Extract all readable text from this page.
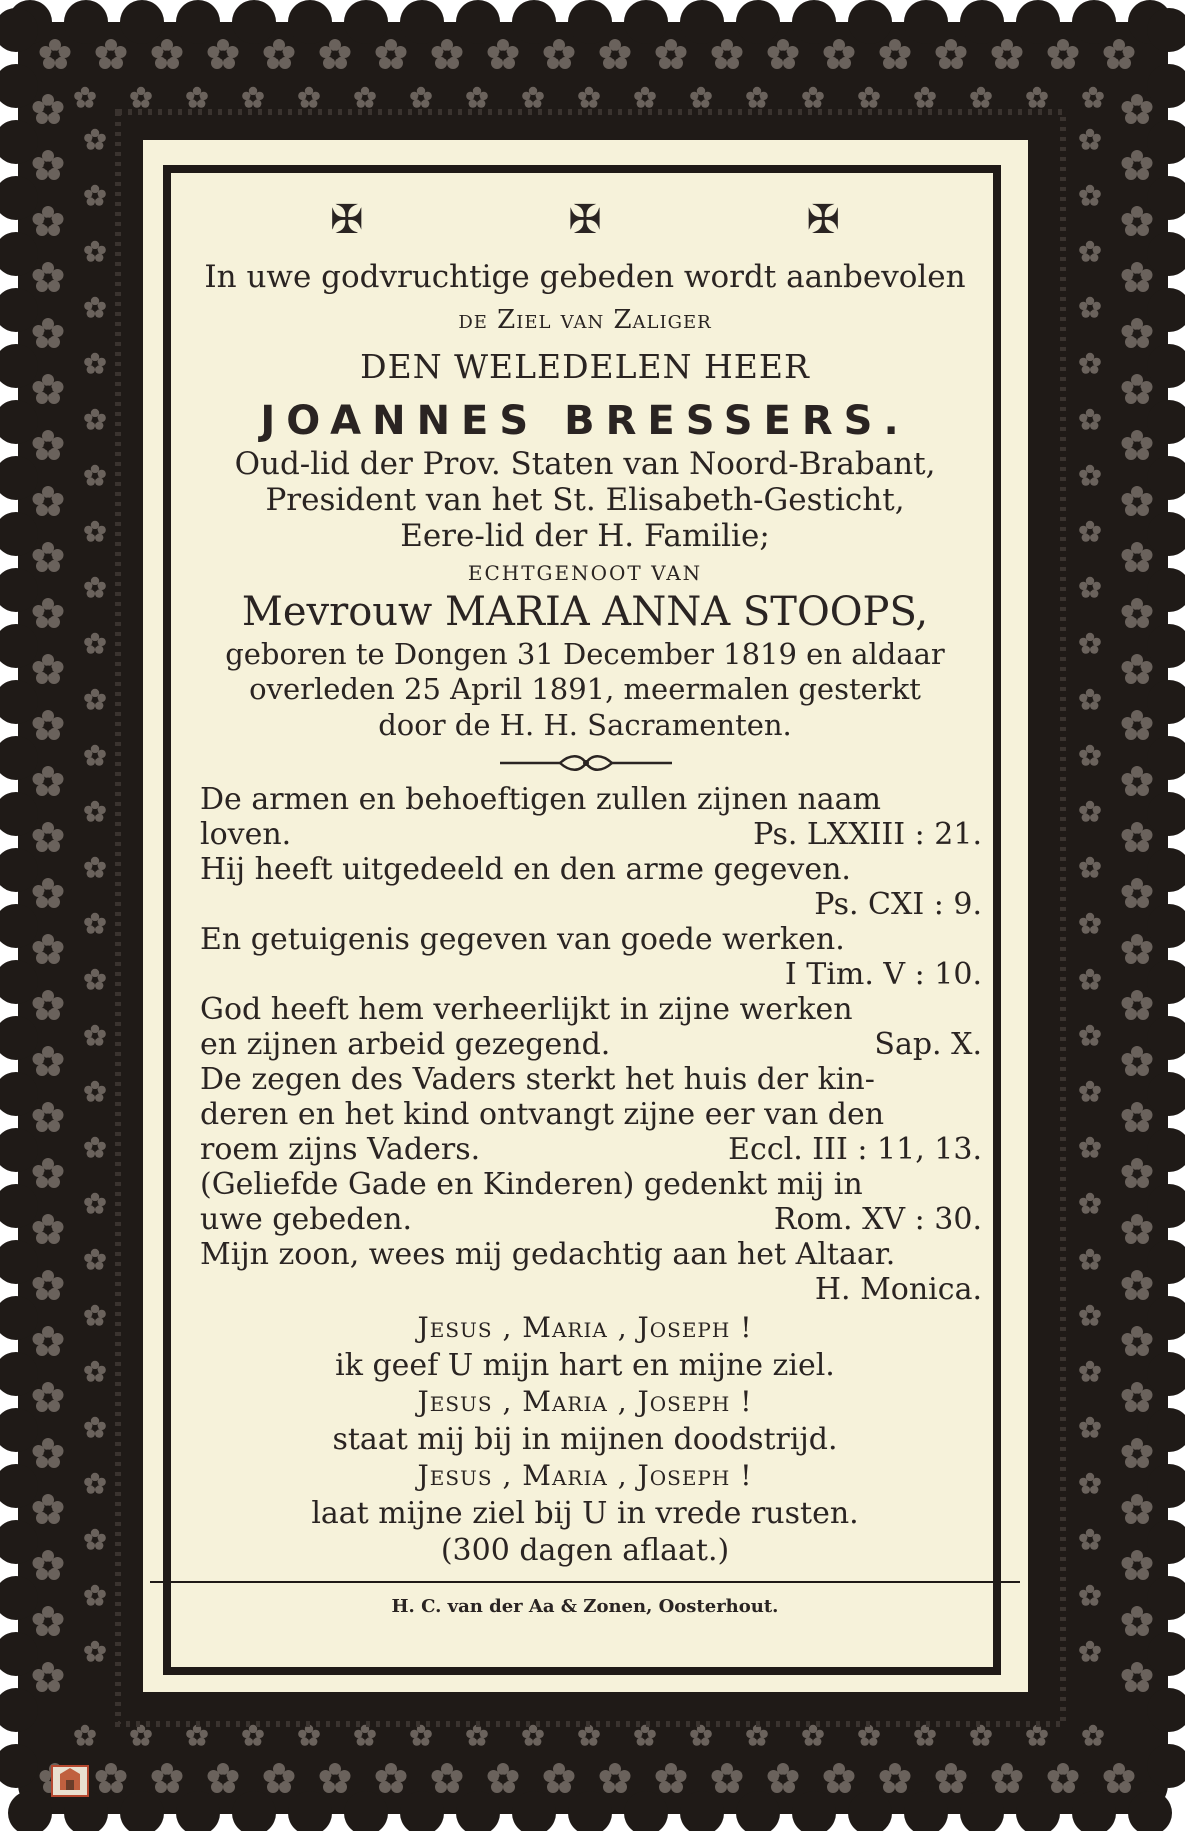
✠	✠	✠
In uwe godvruchtige gebeden wordt aanbevolen
de Ziel van Zaliger
DEN WELEDELEN HEER
JOANNES BRESSERS.
Oud-lid der Prov. Staten van Noord-Brabant,
President van het St. Elisabeth-Gesticht,
Eere-lid der H. Familie;
ECHTGENOOT VAN
Mevrouw MARIA ANNA STOOPS,
geboren te Dongen 31 December 1819 en aldaar
overleden 25 April 1891, meermalen gesterkt
door de H. H. Sacramenten.
De armen en behoeftigen zullen zijnen naam
loven.	Ps. LXXIII : 21.
Hij heeft uitgedeeld en den arme gegeven.
Ps. CXI : 9.
En getuigenis gegeven van goede werken.
I Tim. V : 10.
God heeft hem verheerlijkt in zijne werken
en zijnen arbeid gezegend.	Sap. X.
De zegen des Vaders sterkt het huis der kin-
deren en het kind ontvangt zijne eer van den
roem zijns Vaders.	Eccl. III : 11, 13.
(Geliefde Gade en Kinderen) gedenkt mij in
uwe gebeden.	Rom. XV : 30.
Mijn zoon, wees mij gedachtig aan het Altaar.
H. Monica.
Jesus , Maria , Joseph !
ik geef U mijn hart en mijne ziel.
Jesus , Maria , Joseph !
staat mij bij in mijnen doodstrijd.
Jesus , Maria , Joseph !
laat mijne ziel bij U in vrede rusten.
(300 dagen aflaat.)
H. C. van der Aa & Zonen, Oosterhout.
